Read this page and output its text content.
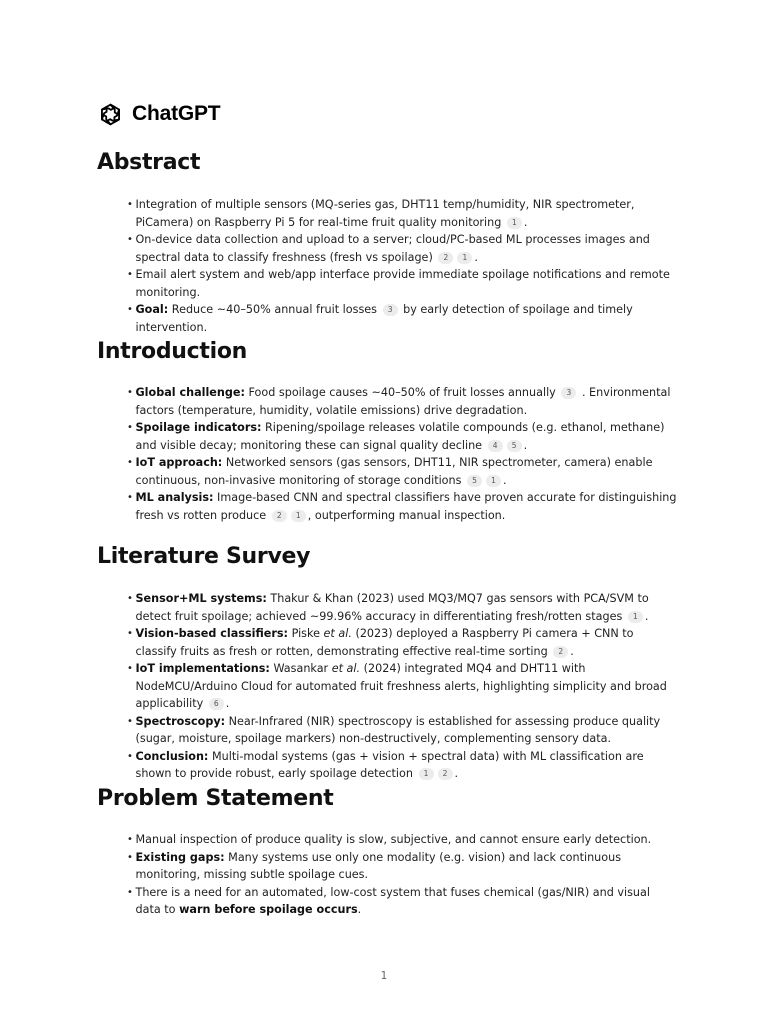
ChatGPT
Abstract
• Integration of multiple sensors (MQ-series gas, DHT11 temp/humidity, NIR spectrometer, PiCamera) on Raspberry Pi 5 for real-time fruit quality monitoring 1 .
• On-device data collection and upload to a server; cloud/PC-based ML processes images and spectral data to classify freshness (fresh vs spoilage) 2 1 .
• Email alert system and web/app interface provide immediate spoilage notifications and remote monitoring.
• Goal: Reduce ~40–50% annual fruit losses 3 by early detection of spoilage and timely intervention.
Introduction
• Global challenge: Food spoilage causes ~40–50% of fruit losses annually 3 . Environmental factors (temperature, humidity, volatile emissions) drive degradation.
• Spoilage indicators: Ripening/spoilage releases volatile compounds (e.g. ethanol, methane) and visible decay; monitoring these can signal quality decline 4 5 .
• IoT approach: Networked sensors (gas sensors, DHT11, NIR spectrometer, camera) enable continuous, non-invasive monitoring of storage conditions 5 1 .
• ML analysis: Image-based CNN and spectral classifiers have proven accurate for distinguishing fresh vs rotten produce 2 1 , outperforming manual inspection.
Literature Survey
• Sensor+ML systems: Thakur & Khan (2023) used MQ3/MQ7 gas sensors with PCA/SVM to detect fruit spoilage; achieved ~99.96% accuracy in differentiating fresh/rotten stages 1 .
• Vision-based classifiers: Piske et al. (2023) deployed a Raspberry Pi camera + CNN to classify fruits as fresh or rotten, demonstrating effective real-time sorting 2 .
• IoT implementations: Wasankar et al. (2024) integrated MQ4 and DHT11 with NodeMCU/Arduino Cloud for automated fruit freshness alerts, highlighting simplicity and broad applicability 6 .
• Spectroscopy: Near-Infrared (NIR) spectroscopy is established for assessing produce quality (sugar, moisture, spoilage markers) non-destructively, complementing sensory data.
• Conclusion: Multi-modal systems (gas + vision + spectral data) with ML classification are shown to provide robust, early spoilage detection 1 2 .
Problem Statement
• Manual inspection of produce quality is slow, subjective, and cannot ensure early detection.
• Existing gaps: Many systems use only one modality (e.g. vision) and lack continuous monitoring, missing subtle spoilage cues.
• There is a need for an automated, low-cost system that fuses chemical (gas/NIR) and visual data to warn before spoilage occurs.
1
